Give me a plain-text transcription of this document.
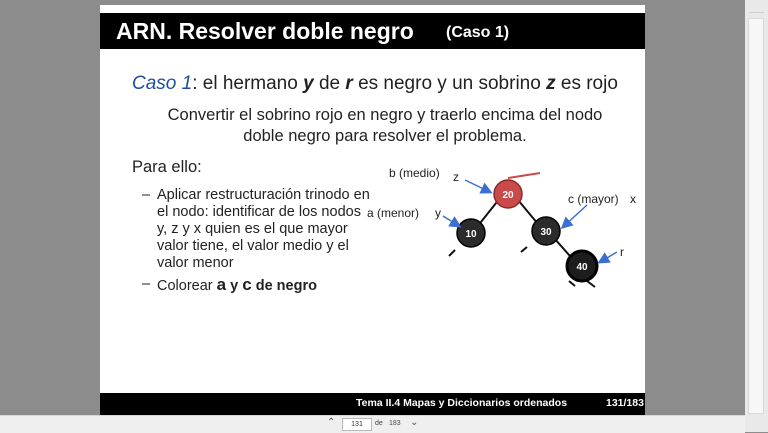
ARN. Resolver doble negro (Caso 1)
Caso 1: el hermano y de r es negro y un sobrino z es rojo
Convertir el sobrino rojo en negro y traerlo encima del nodo
doble negro para resolver el problema.
Para ello:
– Aplicar restructuración trinodo en el nodo: identificar de los nodos y, z y x quien es el que mayor valor tiene, el valor medio y el valor menor
– Colorear a y c de negro
20
10	30
40
b (medio) z
a (menor) y
c (mayor) x
r
Tema II.4 Mapas y Diccionarios ordenados	131/183
⌃
131	de 183 ⌄
